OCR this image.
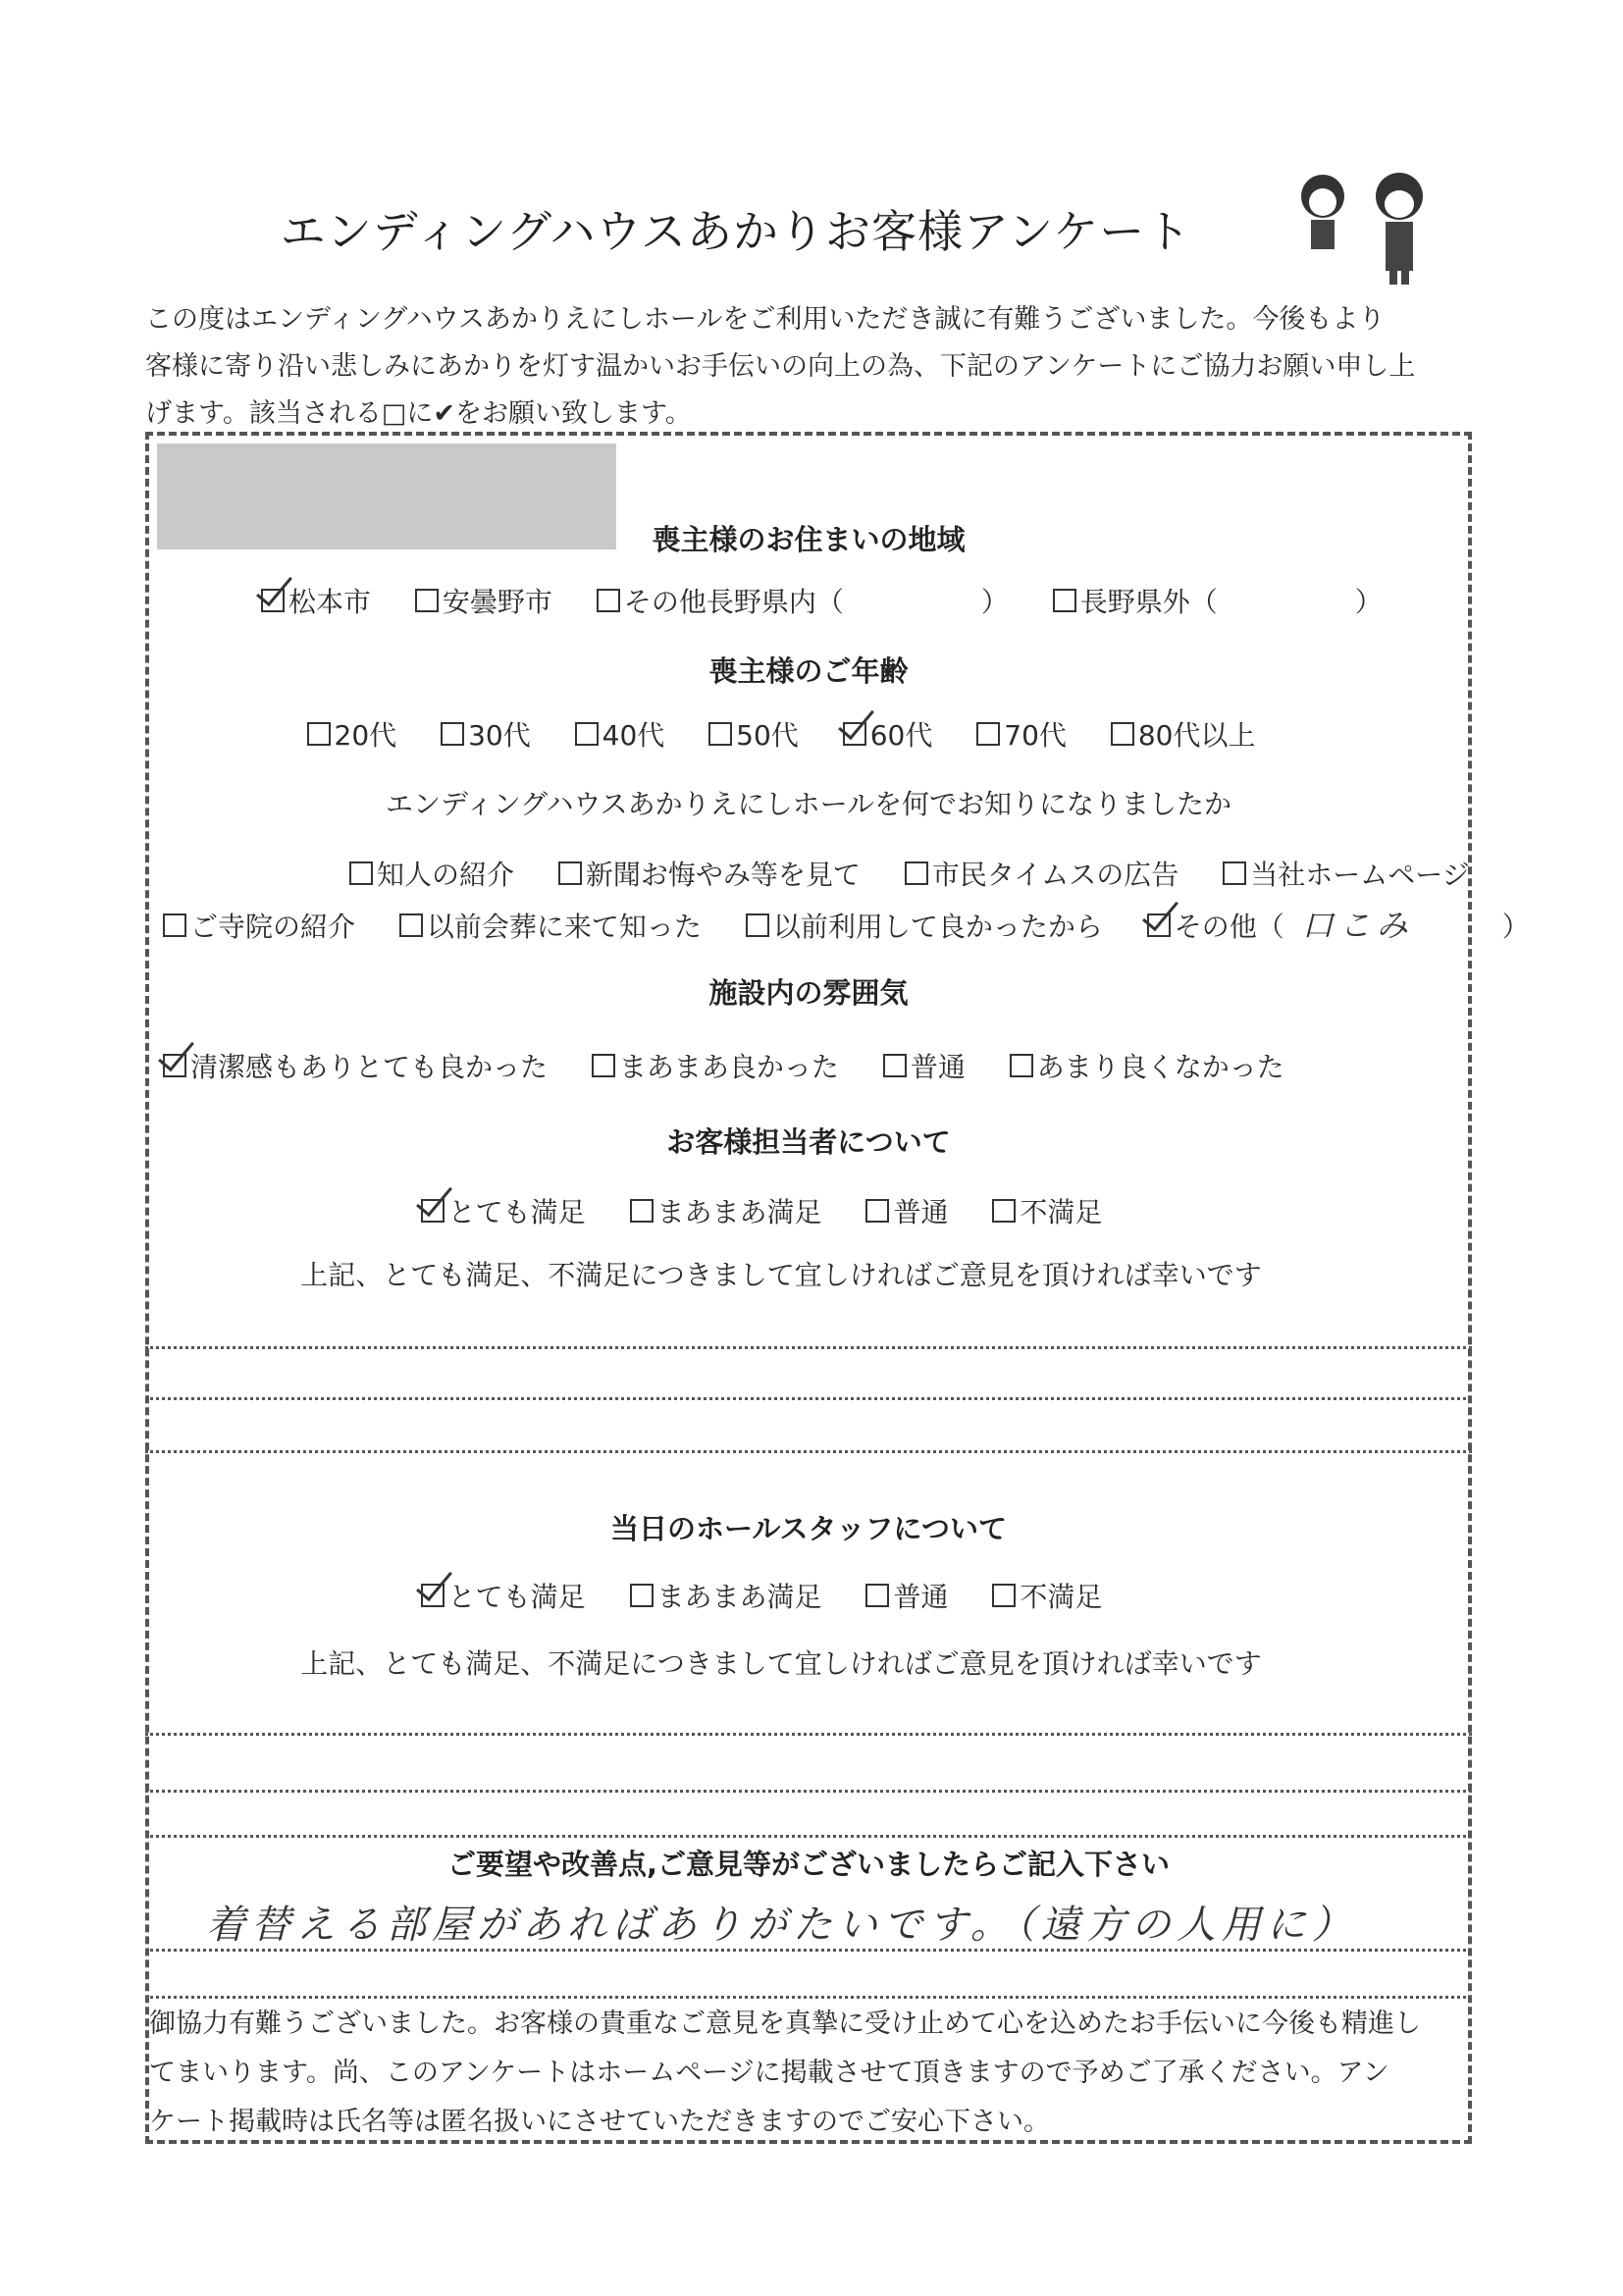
エンディングハウスあかりお客様アンケート

この度はエンディングハウスあかりえにしホールをご利用いただき誠に有難うございました。今後もより

客様に寄り沿い悲しみにあかりを灯す温かいお手伝いの向上の為、下記のアンケートにご協力お願い申し上

げます。該当される□に✔をお願い致します。

喪主様のお住まいの地域
松本市	安曇野市	その他長野県内（　　　　　）	長野県外（　　　　　）
喪主様のご年齢
20代	30代	40代	50代	60代	70代	80代以上
エンディングハウスあかりえにしホールを何でお知りになりましたか
知人の紹介	新聞お悔やみ等を見て	市民タイムスの広告	当社ホームページ
ご寺院の紹介	以前会葬に来て知った	以前利用して良かったから	その他（ 口こみ	）
施設内の雰囲気
清潔感もありとても良かった	まあまあ良かった	普通	あまり良くなかった
お客様担当者について
とても満足	まあまあ満足	普通	不満足
上記、とても満足、不満足につきまして宜しければご意見を頂ければ幸いです
当日のホールスタッフについて
とても満足	まあまあ満足	普通	不満足
上記、とても満足、不満足につきまして宜しければご意見を頂ければ幸いです
ご要望や改善点,ご意見等がございましたらご記入下さい
着替える部屋があればありがたいです。（遠方の人用に）

御協力有難うございました。お客様の貴重なご意見を真摯に受け止めて心を込めたお手伝いに今後も精進し

てまいります。尚、このアンケートはホームページに掲載させて頂きますので予めご了承ください。アン

ケート掲載時は氏名等は匿名扱いにさせていただきますのでご安心下さい。
